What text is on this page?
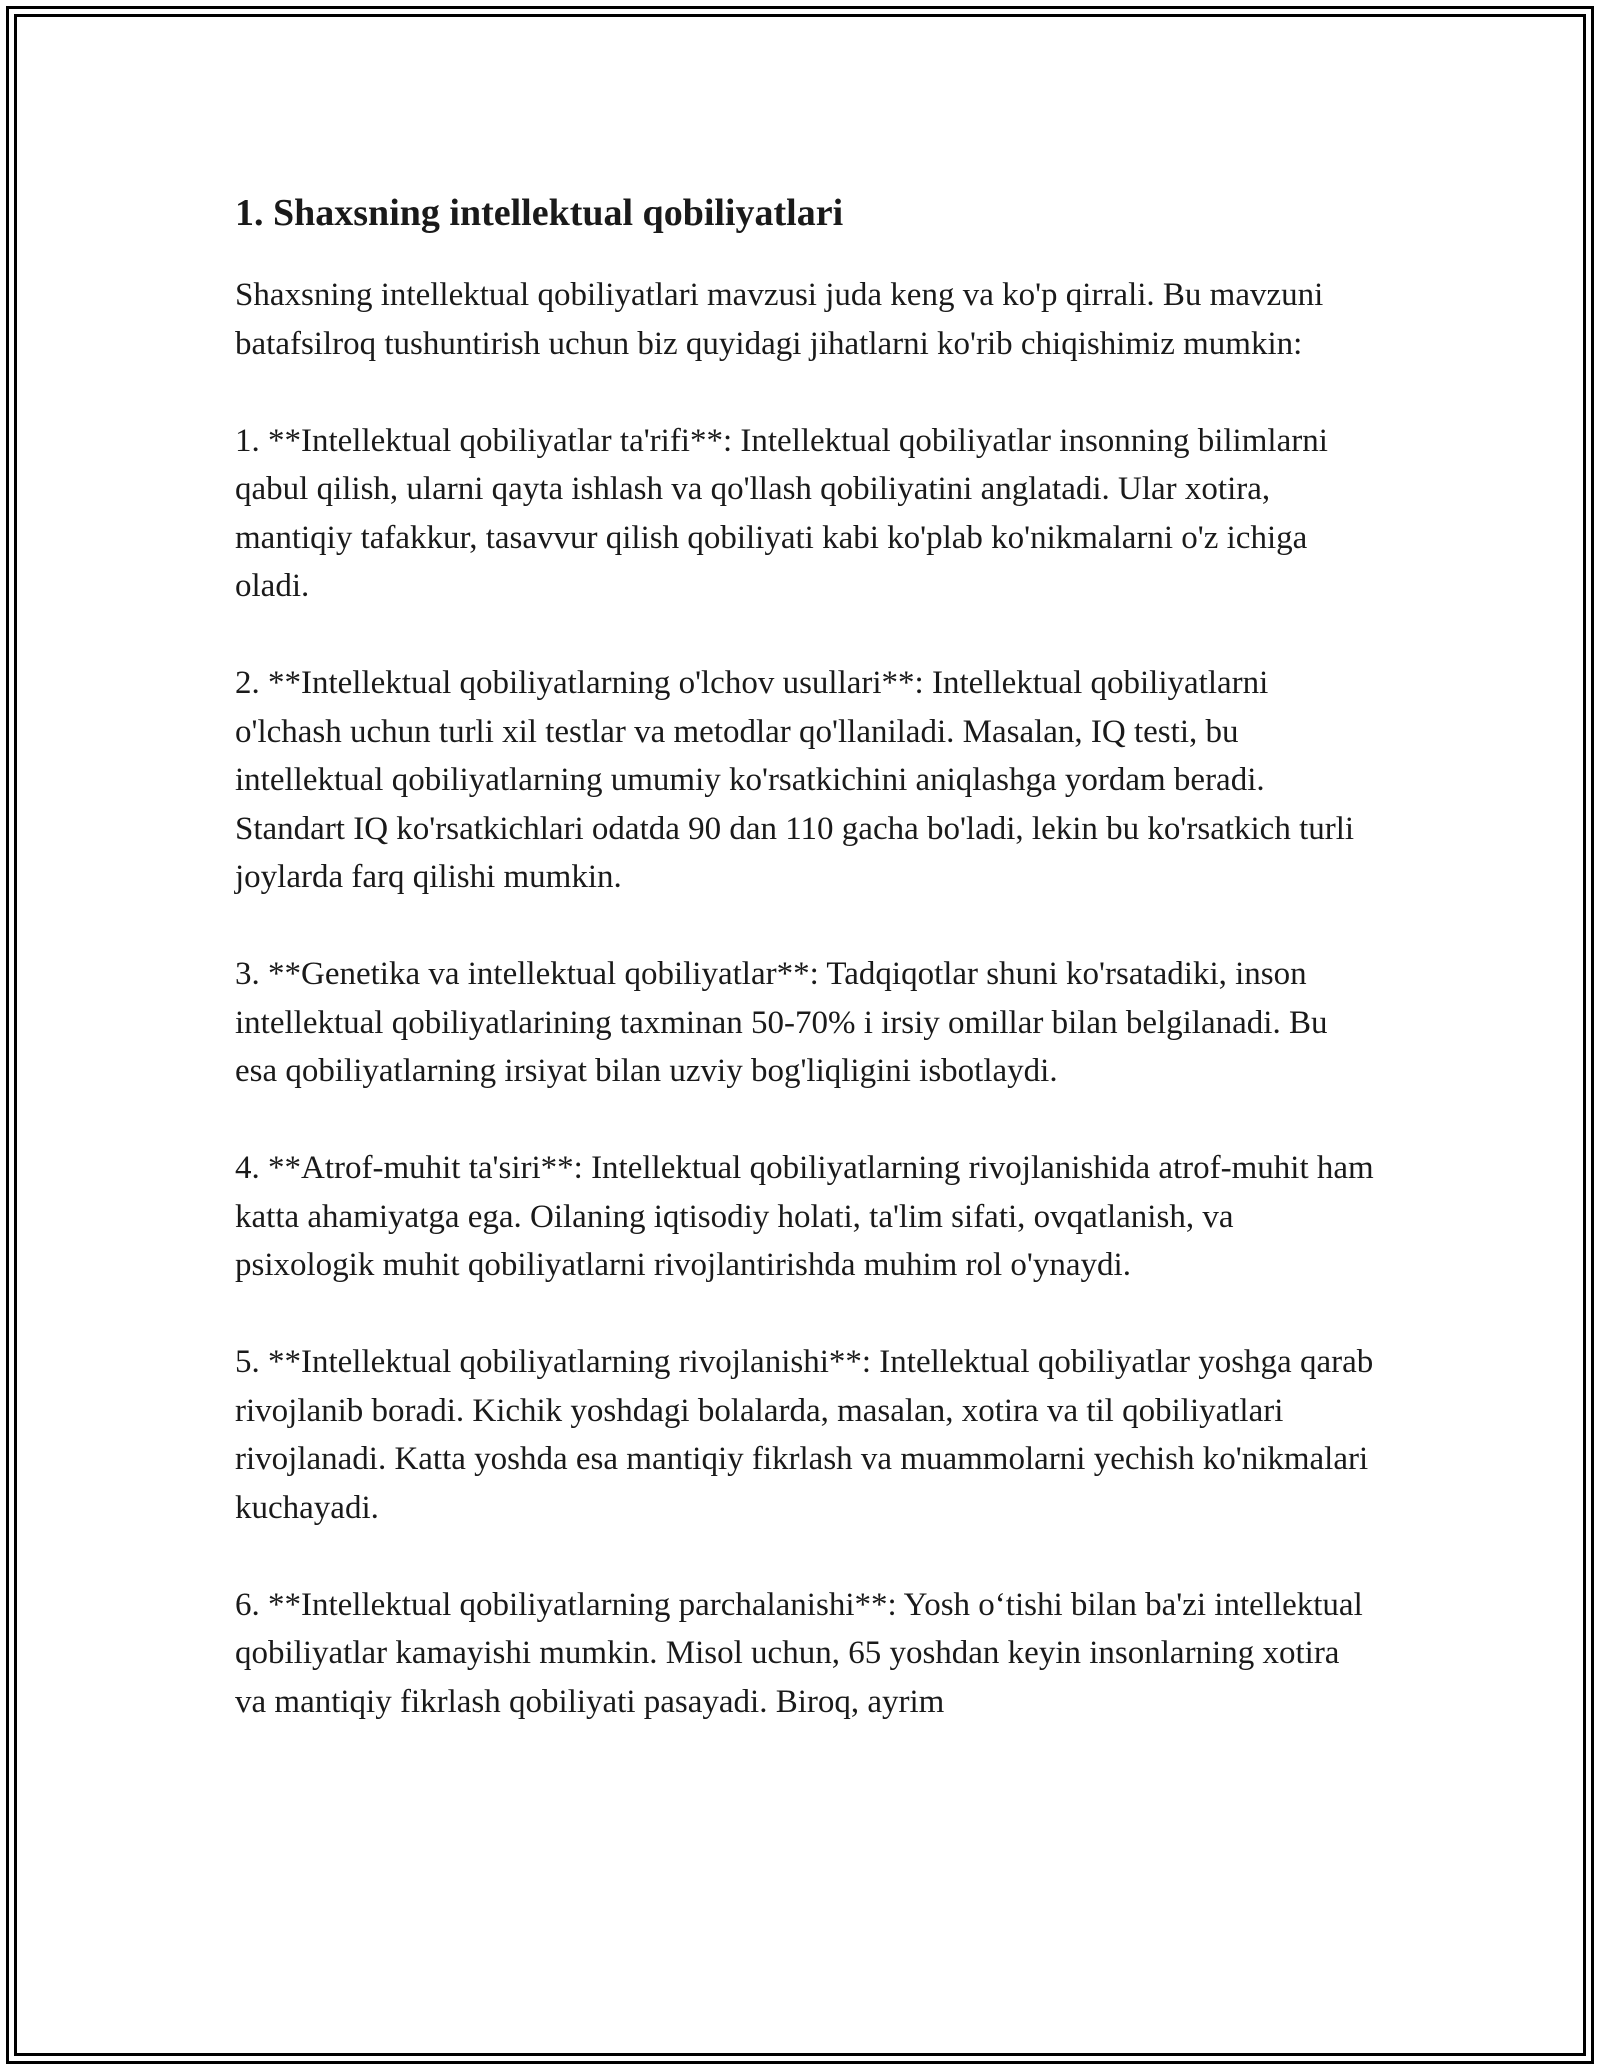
1. Shaxsning intellektual qobiliyatlari

Shaxsning intellektual qobiliyatlari mavzusi juda keng va ko'p qirrali. Bu mavzuni batafsilroq tushuntirish uchun biz quyidagi jihatlarni ko'rib chiqishimiz mumkin:

1. **Intellektual qobiliyatlar ta'rifi**: Intellektual qobiliyatlar insonning bilimlarni qabul qilish, ularni qayta ishlash va qo'llash qobiliyatini anglatadi. Ular xotira, mantiqiy tafakkur, tasavvur qilish qobiliyati kabi ko'plab ko'nikmalarni o'z ichiga oladi.

2. **Intellektual qobiliyatlarning o'lchov usullari**: Intellektual qobiliyatlarni o'lchash uchun turli xil testlar va metodlar qo'llaniladi. Masalan, IQ testi, bu intellektual qobiliyatlarning umumiy ko'rsatkichini aniqlashga yordam beradi. Standart IQ ko'rsatkichlari odatda 90 dan 110 gacha bo'ladi, lekin bu ko'rsatkich turli joylarda farq qilishi mumkin.

3. **Genetika va intellektual qobiliyatlar**: Tadqiqotlar shuni ko'rsatadiki, inson intellektual qobiliyatlarining taxminan 50-70% i irsiy omillar bilan belgilanadi. Bu esa qobiliyatlarning irsiyat bilan uzviy bog'liqligini isbotlaydi.

4. **Atrof-muhit ta'siri**: Intellektual qobiliyatlarning rivojlanishida atrof-muhit ham katta ahamiyatga ega. Oilaning iqtisodiy holati, ta'lim sifati, ovqatlanish, va psixologik muhit qobiliyatlarni rivojlantirishda muhim rol o'ynaydi.

5. **Intellektual qobiliyatlarning rivojlanishi**: Intellektual qobiliyatlar yoshga qarab rivojlanib boradi. Kichik yoshdagi bolalarda, masalan, xotira va til qobiliyatlari rivojlanadi. Katta yoshda esa mantiqiy fikrlash va muammolarni yechish ko'nikmalari kuchayadi.

6. **Intellektual qobiliyatlarning parchalanishi**: Yosh o‘tishi bilan ba'zi intellektual qobiliyatlar kamayishi mumkin. Misol uchun, 65 yoshdan keyin insonlarning xotira va mantiqiy fikrlash qobiliyati pasayadi. Biroq, ayrim
